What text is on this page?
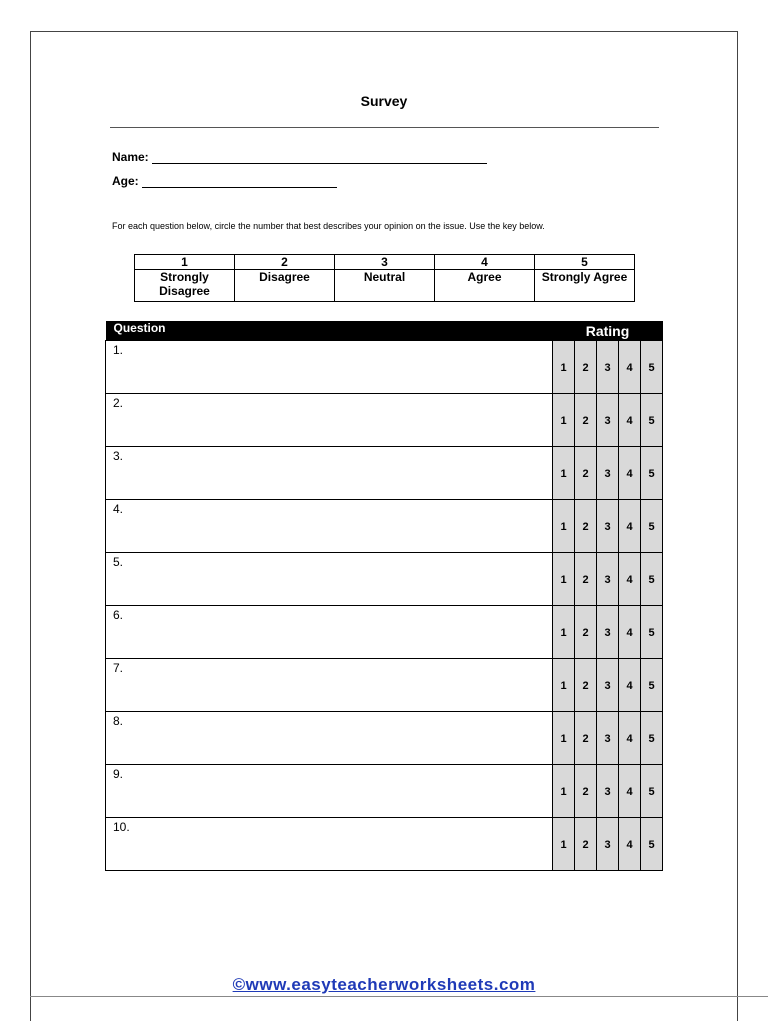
Survey
Name:
Age:
For each question below, circle the number that best describes your opinion on the issue. Use the key below.
1	2	3	4	5
Strongly Disagree	Disagree	Neutral	Agree	Strongly Agree
Question	Rating				
1.	1	2	3	4	5
2.	1	2	3	4	5
3.	1	2	3	4	5
4.	1	2	3	4	5
5.	1	2	3	4	5
6.	1	2	3	4	5
7.	1	2	3	4	5
8.	1	2	3	4	5
9.	1	2	3	4	5
10.	1	2	3	4	5
©www.easyteacherworksheets.com
